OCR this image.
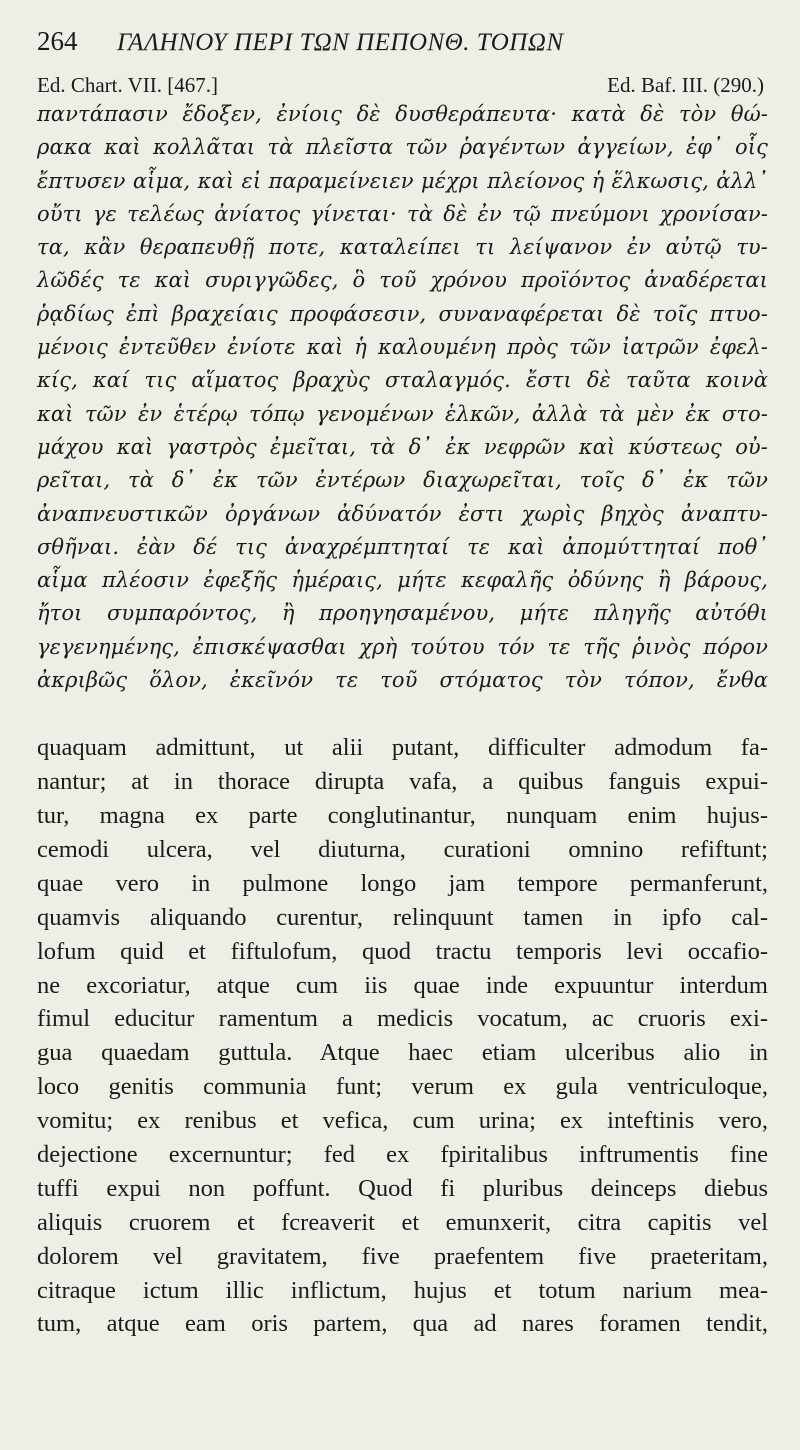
264	ΓΑΛΗΝΟΥ ΠΕΡΙ ΤΩΝ ΠΕΠΟΝΘ. ΤΟΠΩΝ
Ed. Chart. VII. [467.]	Ed. Baf. III. (290.)
παντάπασιν ἔδοξεν, ἐνίοις δὲ δυσθεράπευτα· κατὰ δὲ τὸν θώ-
ρακα καὶ κολλᾶται τὰ πλεῖστα τῶν ῥαγέντων ἀγγείων, ἐφ᾽ οἷς
ἔπτυσεν αἷμα, καὶ εἰ παραμείνειεν μέχρι πλείονος ἡ ἕλκωσις, ἀλλ᾽
οὔτι γε τελέως ἀνίατος γίνεται· τὰ δὲ ἐν τῷ πνεύμονι χρονίσαν-
τα, κἂν θεραπευθῇ ποτε, καταλείπει τι λείψανον ἐν αὐτῷ τυ-
λῶδές τε καὶ συριγγῶδες, ὃ τοῦ χρόνου προϊόντος ἀναδέρεται
ῥᾳδίως ἐπὶ βραχείαις προφάσεσιν, συναναφέρεται δὲ τοῖς πτυο-
μένοις ἐντεῦθεν ἐνίοτε καὶ ἡ καλουμένη πρὸς τῶν ἰατρῶν ἐφελ-
κίς, καί τις αἵματος βραχὺς σταλαγμός. ἔστι δὲ ταῦτα κοινὰ
καὶ τῶν ἐν ἑτέρῳ τόπῳ γενομένων ἑλκῶν, ἀλλὰ τὰ μὲν ἐκ στο-
μάχου καὶ γαστρὸς ἐμεῖται, τὰ δ᾽ ἐκ νεφρῶν καὶ κύστεως οὐ-
ρεῖται, τὰ δ᾽ ἐκ τῶν ἐντέρων διαχωρεῖται, τοῖς δ᾽ ἐκ τῶν
ἀναπνευστικῶν ὀργάνων ἀδύνατόν ἐστι χωρὶς βηχὸς ἀναπτυ-
σθῆναι. ἐὰν δέ τις ἀναχρέμπτηταί τε καὶ ἀπομύττηταί ποθ᾽
αἷμα πλέοσιν ἐφεξῆς ἡμέραις, μήτε κεφαλῆς ὀδύνης ἢ βάρους,
ἤτοι συμπαρόντος, ἢ προηγησαμένου, μήτε πληγῆς αὐτόθι
γεγενημένης, ἐπισκέψασθαι χρὴ τούτου τόν τε τῆς ῥινὸς πόρον
ἀκριβῶς ὅλον, ἐκεῖνόν τε τοῦ στόματος τὸν τόπον, ἔνθα
quaquam admittunt, ut alii putant, difficulter admodum fa-
nantur; at in thorace dirupta vafa, a quibus fanguis expui-
tur, magna ex parte conglutinantur, nunquam enim hujus-
cemodi ulcera, vel diuturna, curationi omnino refiftunt;
quae vero in pulmone longo jam tempore permanferunt,
quamvis aliquando curentur, relinquunt tamen in ipfo cal-
lofum quid et fiftulofum, quod tractu temporis levi occafio-
ne excoriatur, atque cum iis quae inde expuuntur interdum
fimul educitur ramentum a medicis vocatum, ac cruoris exi-
gua quaedam guttula. Atque haec etiam ulceribus alio in
loco genitis communia funt; verum ex gula ventriculoque,
vomitu; ex renibus et vefica, cum urina; ex inteftinis vero,
dejectione excernuntur; fed ex fpiritalibus inftrumentis fine
tuffi expui non poffunt. Quod fi pluribus deinceps diebus
aliquis cruorem et fcreaverit et emunxerit, citra capitis vel
dolorem vel gravitatem, five praefentem five praeteritam,
citraque ictum illic inflictum, hujus et totum narium mea-
tum, atque eam oris partem, qua ad nares foramen tendit,
